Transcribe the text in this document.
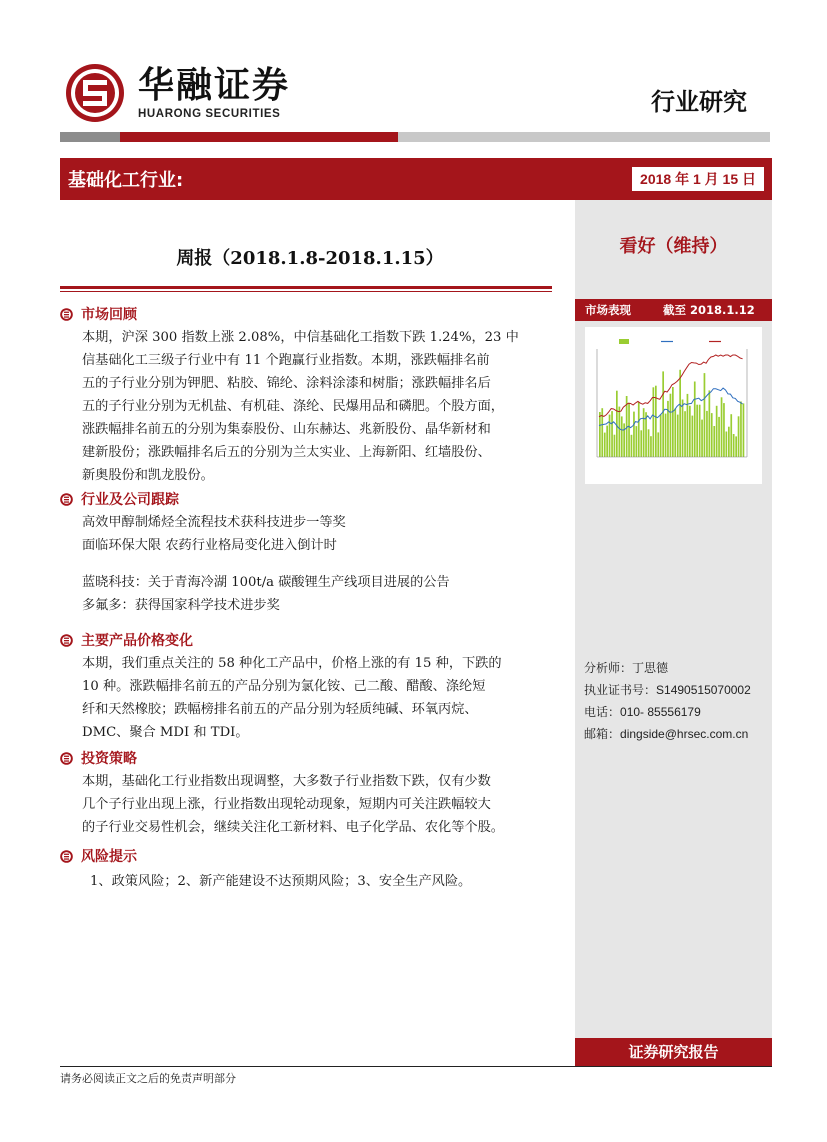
华融证券
HUARONG SECURITIES	行业研究
基础化工行业:	2018 年 1 月 15 日
看好（维持）
市场表现	截至 2018.1.12
分析师：丁思德
执业证书号：S1490515070002
电话：010- 85556179
邮箱：dingside@hrsec.com.cn
证券研究报告
周报（2018.1.8-2018.1.15）
市场回顾
本期，沪深 300 指数上涨 2.08%，中信基础化工指数下跌 1.24%，23 中
信基础化工三级子行业中有 11 个跑赢行业指数。本期，涨跌幅排名前
五的子行业分别为钾肥、粘胶、锦纶、涂料涂漆和树脂；涨跌幅排名后
五的子行业分别为无机盐、有机硅、涤纶、民爆用品和磷肥。个股方面，
涨跌幅排名前五的分别为集泰股份、山东赫达、兆新股份、晶华新材和
建新股份；涨跌幅排名后五的分别为兰太实业、上海新阳、红墙股份、
新奥股份和凯龙股份。
行业及公司跟踪
高效甲醇制烯烃全流程技术获科技进步一等奖
面临环保大限 农药行业格局变化进入倒计时
蓝晓科技：关于青海冷湖 100t/a 碳酸锂生产线项目进展的公告
多氟多：获得国家科学技术进步奖
主要产品价格变化
本期，我们重点关注的 58 种化工产品中，价格上涨的有 15 种，下跌的
10 种。涨跌幅排名前五的产品分别为氯化铵、己二酸、醋酸、涤纶短
纤和天然橡胶；跌幅榜排名前五的产品分别为轻质纯碱、环氧丙烷、
DMC、聚合 MDI 和 TDI。
投资策略
本期，基础化工行业指数出现调整，大多数子行业指数下跌，仅有少数
几个子行业出现上涨，行业指数出现轮动现象，短期内可关注跌幅较大
的子行业交易性机会，继续关注化工新材料、电子化学品、农化等个股。
风险提示
1、政策风险；2、新产能建设不达预期风险；3、安全生产风险。
请务必阅读正文之后的免责声明部分
